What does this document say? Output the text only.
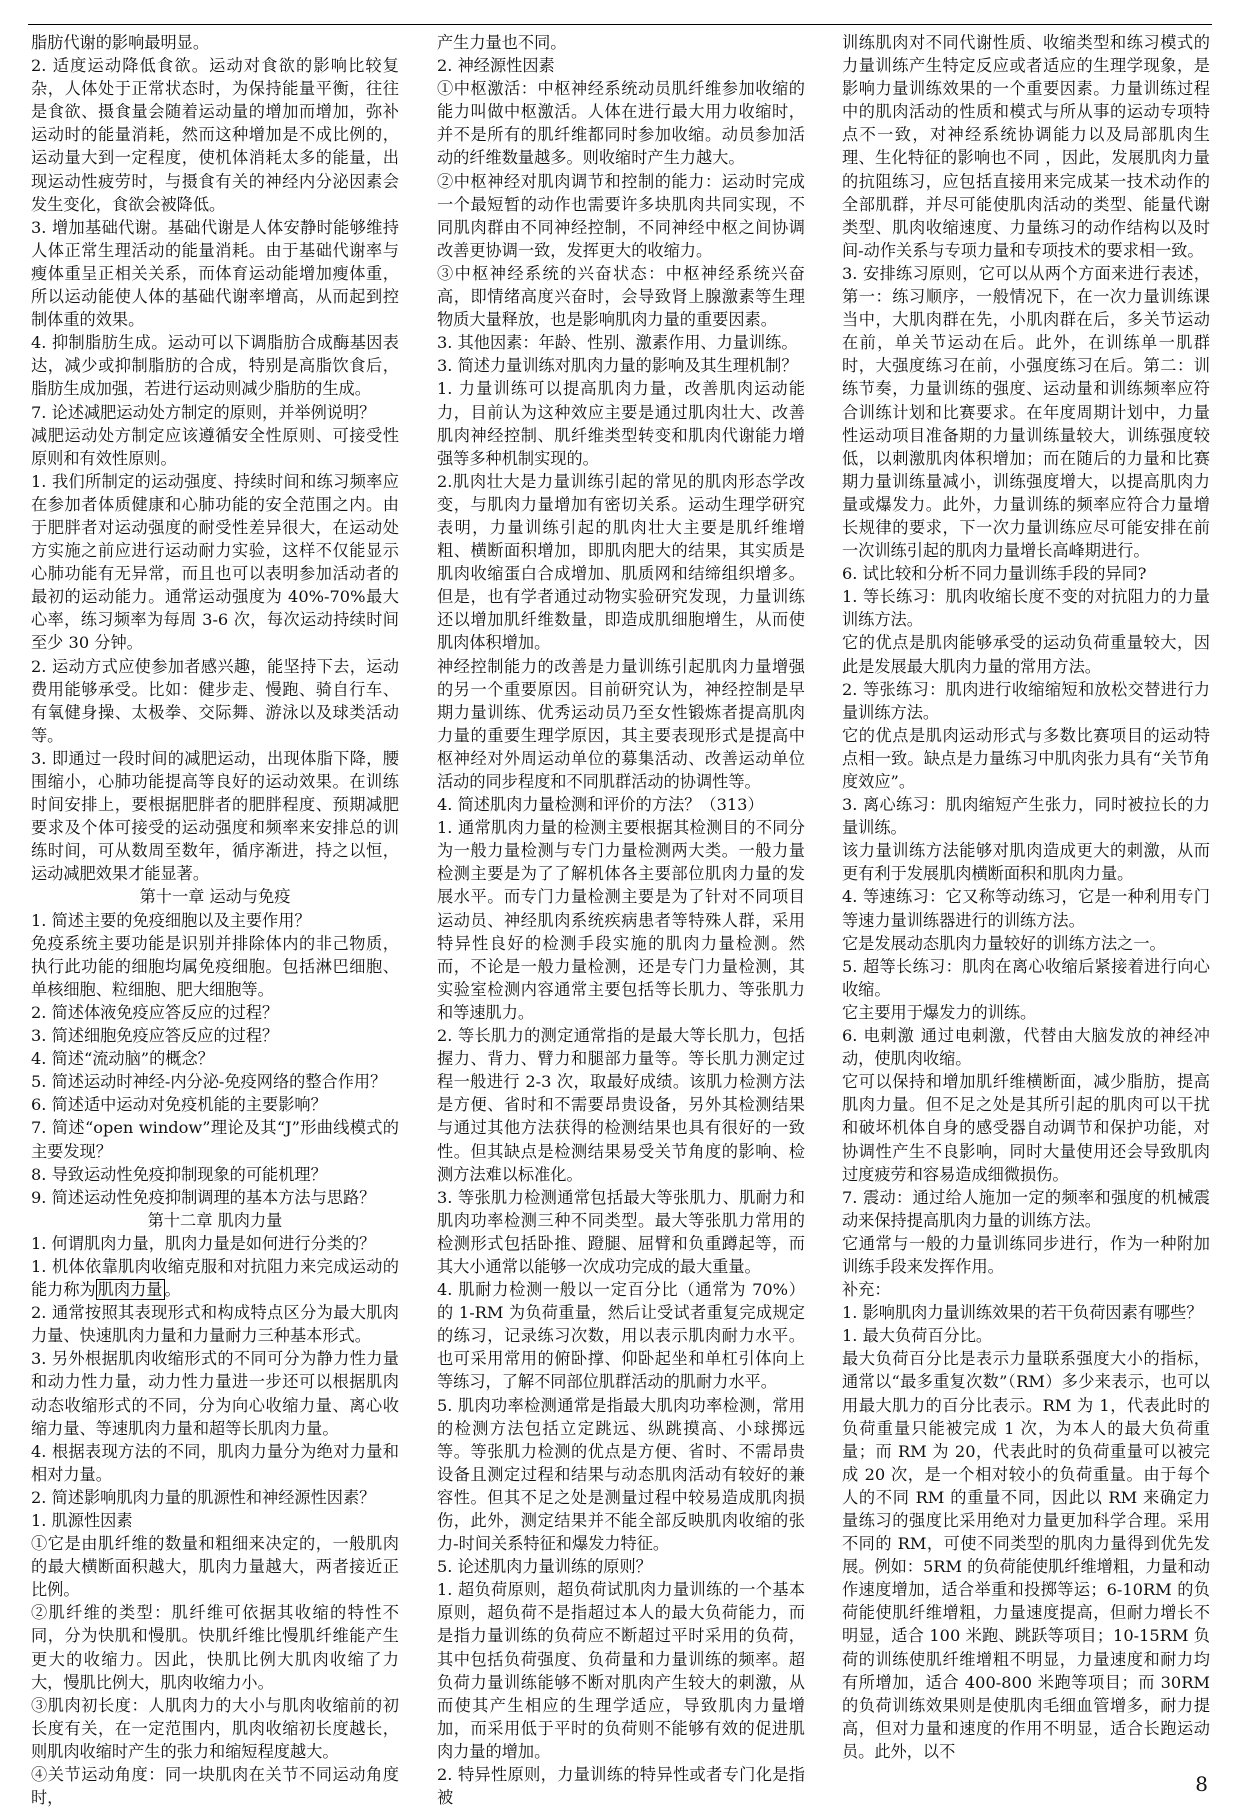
脂肪代谢的影响最明显。

2. 适度运动降低食欲。运动对食欲的影响比较复杂，人体处于正常状态时，为保持能量平衡，往往是食欲、摄食量会随着运动量的增加而增加，弥补运动时的能量消耗，然而这种增加是不成比例的，运动量大到一定程度，使机体消耗太多的能量，出现运动性疲劳时，与摄食有关的神经内分泌因素会发生变化，食欲会被降低。

3. 增加基础代谢。基础代谢是人体安静时能够维持人体正常生理活动的能量消耗。由于基础代谢率与瘦体重呈正相关关系，而体育运动能增加瘦体重，所以运动能使人体的基础代谢率增高，从而起到控制体重的效果。

4. 抑制脂肪生成。运动可以下调脂肪合成酶基因表达，减少或抑制脂肪的合成，特别是高脂饮食后，脂肪生成加强，若进行运动则减少脂肪的生成。

7. 论述减肥运动处方制定的原则，并举例说明？

减肥运动处方制定应该遵循安全性原则、可接受性原则和有效性原则。

1. 我们所制定的运动强度、持续时间和练习频率应在参加者体质健康和心肺功能的安全范围之内。由于肥胖者对运动强度的耐受性差异很大，在运动处方实施之前应进行运动耐力实验，这样不仅能显示心肺功能有无异常，而且也可以表明参加活动者的最初的运动能力。通常运动强度为 40%-70%最大心率，练习频率为每周 3-6 次，每次运动持续时间至少 30 分钟。

2. 运动方式应使参加者感兴趣，能坚持下去，运动费用能够承受。比如：健步走、慢跑、骑自行车、有氧健身操、太极拳、交际舞、游泳以及球类活动等。

3. 即通过一段时间的减肥运动，出现体脂下降，腰围缩小，心肺功能提高等良好的运动效果。在训练时间安排上，要根据肥胖者的肥胖程度、预期减肥要求及个体可接受的运动强度和频率来安排总的训练时间，可从数周至数年，循序渐进，持之以恒，运动减肥效果才能显著。

第十一章 运动与免疫

1. 简述主要的免疫细胞以及主要作用？

免疫系统主要功能是识别并排除体内的非己物质，执行此功能的细胞均属免疫细胞。包括淋巴细胞、单核细胞、粒细胞、肥大细胞等。

2. 简述体液免疫应答反应的过程？

3. 简述细胞免疫应答反应的过程？

4. 简述“流动脑”的概念？

5. 简述运动时神经-内分泌-免疫网络的整合作用？

6. 简述适中运动对免疫机能的主要影响？

7. 简述“open window”理论及其“J”形曲线模式的主要发现？

8. 导致运动性免疫抑制现象的可能机理？

9. 简述运动性免疫抑制调理的基本方法与思路？

第十二章 肌肉力量

1. 何谓肌肉力量，肌肉力量是如何进行分类的？

1. 机体依靠肌肉收缩克服和对抗阻力来完成运动的能力称为 肌肉力量 。

2. 通常按照其表现形式和构成特点区分为最大肌肉力量、快速肌肉力量和力量耐力三种基本形式。

3. 另外根据肌肉收缩形式的不同可分为静力性力量和动力性力量，动力性力量进一步还可以根据肌肉动态收缩形式的不同，分为向心收缩力量、离心收缩力量、等速肌肉力量和超等长肌肉力量。

4. 根据表现方法的不同，肌肉力量分为绝对力量和相对力量。

2. 简述影响肌肉力量的肌源性和神经源性因素？

1. 肌源性因素

①它是由肌纤维的数量和粗细来决定的，一般肌肉的最大横断面积越大，肌肉力量越大，两者接近正比例。

②肌纤维的类型：肌纤维可依据其收缩的特性不同，分为快肌和慢肌。快肌纤维比慢肌纤维能产生更大的收缩力。因此，快肌比例大肌肉收缩了力大，慢肌比例大，肌肉收缩力小。

③肌肉初长度：人肌肉力的大小与肌肉收缩前的初长度有关，在一定范围内，肌肉收缩初长度越长，则肌肉收缩时产生的张力和缩短程度越大。

④关节运动角度：同一块肌肉在关节不同运动角度时，

产生力量也不同。

2. 神经源性因素

①中枢激活：中枢神经系统动员肌纤维参加收缩的能力叫做中枢激活。人体在进行最大用力收缩时，并不是所有的肌纤维都同时参加收缩。动员参加活动的纤维数量越多。则收缩时产生力越大。

②中枢神经对肌肉调节和控制的能力：运动时完成一个最短暂的动作也需要许多块肌肉共同实现，不同肌肉群由不同神经控制，不同神经中枢之间协调改善更协调一致，发挥更大的收缩力。

③中枢神经系统的兴奋状态：中枢神经系统兴奋高，即情绪高度兴奋时，会导致肾上腺激素等生理物质大量释放，也是影响肌肉力量的重要因素。

3. 其他因素：年龄、性别、激素作用、力量训练。

3. 简述力量训练对肌肉力量的影响及其生理机制？

1. 力量训练可以提高肌肉力量，改善肌肉运动能力，目前认为这种效应主要是通过肌肉壮大、改善肌肉神经控制、肌纤维类型转变和肌肉代谢能力增强等多种机制实现的。

2.肌肉壮大是力量训练引起的常见的肌肉形态学改变，与肌肉力量增加有密切关系。运动生理学研究表明，力量训练引起的肌肉壮大主要是肌纤维增粗、横断面积增加，即肌肉肥大的结果，其实质是肌肉收缩蛋白合成增加、肌质网和结缔组织增多。但是，也有学者通过动物实验研究发现，力量训练还以增加肌纤维数量，即造成肌细胞增生，从而使肌肉体积增加。

神经控制能力的改善是力量训练引起肌肉力量增强的另一个重要原因。目前研究认为，神经控制是早期力量训练、优秀运动员乃至女性锻炼者提高肌肉力量的重要生理学原因，其主要表现形式是提高中枢神经对外周运动单位的募集活动、改善运动单位活动的同步程度和不同肌群活动的协调性等。

4. 简述肌肉力量检测和评价的方法？（313）

1. 通常肌肉力量的检测主要根据其检测目的不同分为一般力量检测与专门力量检测两大类。一般力量检测主要是为了了解机体各主要部位肌肉力量的发展水平。而专门力量检测主要是为了针对不同项目运动员、神经肌肉系统疾病患者等特殊人群，采用特异性良好的检测手段实施的肌肉力量检测。然而，不论是一般力量检测，还是专门力量检测，其实验室检测内容通常主要包括等长肌力、等张肌力和等速肌力。

2. 等长肌力的测定通常指的是最大等长肌力，包括握力、背力、臂力和腿部力量等。等长肌力测定过程一般进行 2-3 次，取最好成绩。该肌力检测方法是方便、省时和不需要昂贵设备，另外其检测结果与通过其他方法获得的检测结果也具有很好的一致性。但其缺点是检测结果易受关节角度的影响、检测方法难以标准化。

3. 等张肌力检测通常包括最大等张肌力、肌耐力和肌肉功率检测三种不同类型。最大等张肌力常用的检测形式包括卧推、蹬腿、屈臂和负重蹲起等，而其大小通常以能够一次成功完成的最大重量。

4. 肌耐力检测一般以一定百分比（通常为 70%）的 1-RM 为负荷重量，然后让受试者重复完成规定的练习，记录练习次数，用以表示肌肉耐力水平。也可采用常用的俯卧撑、仰卧起坐和单杠引体向上等练习，了解不同部位肌群活动的肌耐力水平。

5. 肌肉功率检测通常是指最大肌肉功率检测，常用的检测方法包括立定跳远、纵跳摸高、小球掷远等。等张肌力检测的优点是方便、省时、不需昂贵设备且测定过程和结果与动态肌肉活动有较好的兼容性。但其不足之处是测量过程中较易造成肌肉损伤，此外，测定结果并不能全部反映肌肉收缩的张力-时间关系特征和爆发力特征。

5. 论述肌肉力量训练的原则？

1. 超负荷原则，超负荷试肌肉力量训练的一个基本原则，超负荷不是指超过本人的最大负荷能力，而是指力量训练的负荷应不断超过平时采用的负荷，其中包括负荷强度、负荷量和力量训练的频率。超负荷力量训练能够不断对肌肉产生较大的刺激，从而使其产生相应的生理学适应，导致肌肉力量增加，而采用低于平时的负荷则不能够有效的促进肌肉力量的增加。

2. 特异性原则，力量训练的特异性或者专门化是指被

训练肌肉对不同代谢性质、收缩类型和练习模式的力量训练产生特定反应或者适应的生理学现象，是影响力量训练效果的一个重要因素。力量训练过程中的肌肉活动的性质和模式与所从事的运动专项特点不一致，对神经系统协调能力以及局部肌肉生理、生化特征的影响也不同 ，因此，发展肌肉力量的抗阻练习，应包括直接用来完成某一技术动作的全部肌群，并尽可能使肌肉活动的类型、能量代谢类型、肌肉收缩速度、力量练习的动作结构以及时间-动作关系与专项力量和专项技术的要求相一致。

3. 安排练习原则，它可以从两个方面来进行表述，第一：练习顺序，一般情况下，在一次力量训练课当中，大肌肉群在先，小肌肉群在后，多关节运动在前，单关节运动在后。此外，在训练单一肌群时，大强度练习在前，小强度练习在后。第二：训练节奏，力量训练的强度、运动量和训练频率应符合训练计划和比赛要求。在年度周期计划中，力量性运动项目准备期的力量训练量较大，训练强度较低，以刺激肌肉体积增加；而在随后的力量和比赛期力量训练量减小，训练强度增大，以提高肌肉力量或爆发力。此外，力量训练的频率应符合力量增长规律的要求，下一次力量训练应尽可能安排在前一次训练引起的肌肉力量增长高峰期进行。

6. 试比较和分析不同力量训练手段的异同?

1. 等长练习：肌肉收缩长度不变的对抗阻力的力量训练方法。

它的优点是肌肉能够承受的运动负荷重量较大，因此是发展最大肌肉力量的常用方法。

2. 等张练习：肌肉进行收缩缩短和放松交替进行力量训练方法。

它的优点是肌肉运动形式与多数比赛项目的运动特点相一致。缺点是力量练习中肌肉张力具有“关节角度效应”。

3. 离心练习：肌肉缩短产生张力，同时被拉长的力量训练。

该力量训练方法能够对肌肉造成更大的刺激，从而更有利于发展肌肉横断面积和肌肉力量。

4. 等速练习：它又称等动练习，它是一种利用专门等速力量训练器进行的训练方法。

它是发展动态肌肉力量较好的训练方法之一。

5. 超等长练习：肌肉在离心收缩后紧接着进行向心收缩。

它主要用于爆发力的训练。

6. 电刺激 通过电刺激，代替由大脑发放的神经冲动，使肌肉收缩。

它可以保持和增加肌纤维横断面，减少脂肪，提高肌肉力量。但不足之处是其所引起的肌肉可以干扰和破坏机体自身的感受器自动调节和保护功能，对协调性产生不良影响，同时大量使用还会导致肌肉过度疲劳和容易造成细微损伤。

7. 震动：通过给人施加一定的频率和强度的机械震动来保持提高肌肉力量的训练方法。

它通常与一般的力量训练同步进行，作为一种附加训练手段来发挥作用。

补充：

1. 影响肌肉力量训练效果的若干负荷因素有哪些？

1. 最大负荷百分比。

最大负荷百分比是表示力量联系强度大小的指标，通常以“最多重复次数”（RM）多少来表示，也可以用最大肌力的百分比表示。RM 为 1，代表此时的负荷重量只能被完成 1 次，为本人的最大负荷重量；而 RM 为 20，代表此时的负荷重量可以被完成 20 次，是一个相对较小的负荷重量。由于每个人的不同 RM 的重量不同，因此以 RM 来确定力量练习的强度比采用绝对力量更加科学合理。采用不同的 RM，可使不同类型的肌肉力量得到优先发展。例如：5RM 的负荷能使肌纤维增粗，力量和动作速度增加，适合举重和投掷等运；6-10RM 的负荷能使肌纤维增粗，力量速度提高，但耐力增长不明显，适合 100 米跑、跳跃等项目；10-15RM 负荷的训练使肌纤维增粗不明显，力量速度和耐力均有所增加，适合 400-800 米跑等项目；而 30RM 的负荷训练效果则是使肌肉毛细血管增多，耐力提高，但对力量和速度的作用不明显，适合长跑运动员。此外，以不

8
